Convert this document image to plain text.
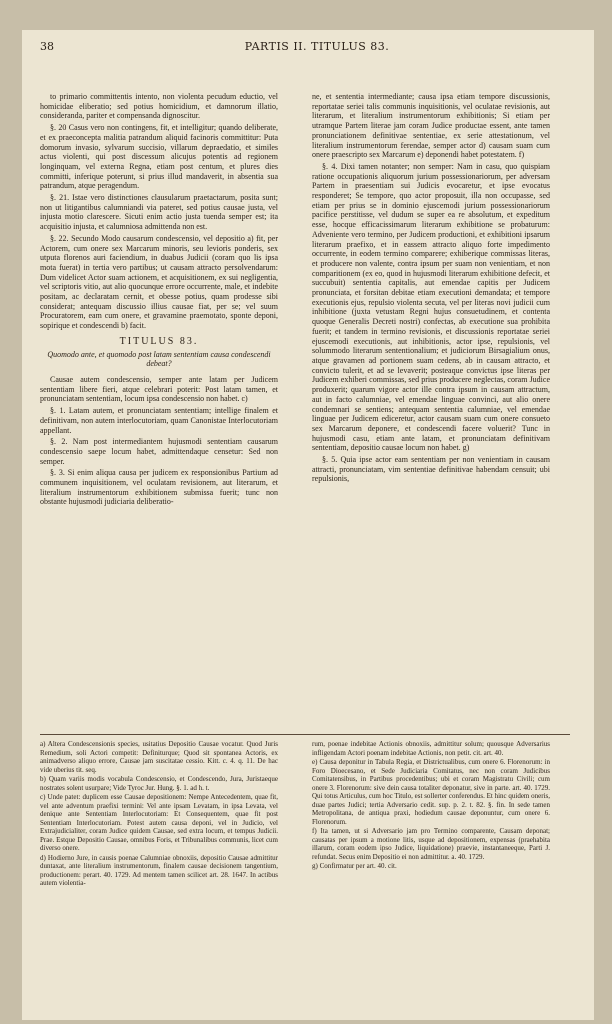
38	PARTIS II. TITULUS 83.

to primario committentis intento, non violenta pecudum eductio, vel homicidae eliberatio; sed potius homicidium, et damnorum illatio, consideranda, pariter et compensanda dignoscitur.

§. 20 Casus vero non contingens, fit, et intelligitur; quando deliberate, et ex praeconcepta malitia patrandum aliquid facinoris committitur: Puta domorum invasio, sylvarum succisio, villarum depraedatio, et similes actus violenti, qui post discessum alicujus potentis ad regionem longinquam, vel externa Regna, etiam post centum, et plures dies committi, inferique poterunt, si prius illud mandaverit, in absentia sua patrandum, atque peragendum.

§. 21. Istae vero distinctiones clausularum praetactarum, posita sunt; non ut litigantibus calumniandi via pateret, sed potius causae justa, vel injusta motio clarescere. Sicuti enim actio justa tuenda semper est; ita acquisitio injusta, et calumniosa admittenda non est.

§. 22. Secundo Modo causarum condescensio, vel depositio a) fit, per Actorem, cum onere sex Marcarum minoris, seu levioris ponderis, sex utputa florenos auri faciendium, in duabus Judicii (coram quo lis ipsa mota fuerat) in tertia vero partibus; ut causam attracto persolvendarum: Dum videlicet Actor suam actionem, et acquisitionem, ex sui negligentia, vel scriptoris vitio, aut alio quocunque errore occurrente, male, et indebite positam, ac declaratam cernit, et obesse potius, quam prodesse sibi considerat; antequam discussio illius causae fiat, per se; vel suum Procuratorem, eam cum onere, et gravamine praemotato, sponte deponi, sopirique et condescendi b) facit.

TITULUS 83.
Quomodo ante, et quomodo post latam sententiam causa condescendi debeat?

Causae autem condescensio, semper ante latam per Judicem sententiam libere fieri, atque celebrari poterit: Post latam tamen, et pronunciatam sententiam, locum ipsa condescensio non habet. c)

§. 1. Latam autem, et pronunciatam sententiam; intellige finalem et definitivam, non autem interlocutoriam, quam Canonistae Interlocutoriam appellant.

§. 2. Nam post intermediantem hujusmodi sententiam causarum condescensio saepe locum habet, admittendaque censetur: Sed non semper.

§. 3. Si enim aliqua causa per judicem ex responsionibus Partium ad communem inquisitionem, vel oculatam revisionem, aut literarum, et literalium instrumentorum exhibitionem submissa fuerit; tunc non obstante hujusmodi judiciaria deliberatio-

ne, et sententia intermediante; causa ipsa etiam tempore discussionis, reportatae seriei talis communis inquisitionis, vel oculatae revisionis, aut literarum, et literalium instrumentorum exhibitionis; Si etiam per utramque Partem literae jam coram Judice productae essent, ante tamen pronunciationem definitivae sententiae, ex serie attestationum, vel literalium instrumentorum ferendae, semper actor d) causam suam cum onere praescripto sex Marcarum e) deponendi habet potestatem. f)

§. 4. Dixi tamen notanter; non semper: Nam in casu, quo quispiam ratione occupationis aliquorum jurium possessionariorum, per adversam Partem in praesentiam sui Judicis evocaretur, et ipse evocatus responderet; Se tempore, quo actor proposuit, illa non occupasse, sed etiam per prius se in dominio ejuscemodi jurium possessionariorum pacifice perstitisse, vel dudum se super ea re absolutum, et expeditum esse, hocque efficacissimarum literarum exhibitione se probaturum: Adveniente vero termino, per Judicem productioni, et exhibitioni ipsarum literarum praefixo, et in eassem attracto aliquo forte impedimento occurrente, in eodem termino comparere; exhiberique commissas literas, et producere non valente, contra ipsum per suam non venientiam, et non comparitionem (ex eo, quod in hujusmodi literarum exhibitione defecit, et succubuit) sententia capitalis, aut emendae capitis per Judicem pronunciata, et forsitan debitae etiam executioni demandata; et tempore executionis ejus, repulsio violenta secuta, vel per literas novi judicii cum inhibitione (juxta vetustam Regni hujus consuetudinem, et contenta quoque Generalis Decreti nostri) confectas, ab executione sua prohibita fuerit; et tandem in termino revisionis, et discussionis reportatae seriei ejuscemodi executionis, aut inhibitionis, actor ipse, repulsionis, vel solummodo literarum sententionalium; et judiciorum Birsagialium onus, atque gravamen ad portionem suam cedens, ab in causam attracto, et convicto tulerit, et ad se levaverit; posteaque convictus ipse literas per Judicem exhiberi commissas, sed prius producere neglectas, coram Judice produxerit; quarum vigore actor ille contra ipsum in causam attractum, aut in facto calumniae, vel emendae linguae convinci, aut alio onere condemnari se sentiens; antequam sententia calumniae, vel emendae linguae per Judicem ediceretur, actor causam suam cum onere consueto sex Marcarum deponere, et condescendi facere voluerit? Tunc in hujusmodi casu, etiam ante latam, et pronunciatam definitivam sententiam, depositio causae locum non habet. g)

§. 5. Quia ipse actor eam sententiam per non venientiam in causam attracti, pronunciatam, vim sententiae definitivae habendam censuit; ubi repulsionis,

a) Altera Condescensionis species, usitatius Depositio Causae vocatur. Quod Juris Remedium, soli Actori competit: Definiturque; Quod sit spontanea Actoris, ex animadverso aliquo errore, Causae jam suscitatae cessio. Kitt. c. 4. q. 11. De hac vide uberius tit. seq.

b) Quam variis modis vocabula Condescensio, et Condescendo, Jura, Juristaeque nostrates solent usurpare; Vide Tyroc Jur. Hung. §. 1. ad h. t.

c) Unde patet: duplicem esse Causae depositionem: Nempe Antecedentem, quae fit, vel ante adventum praefixi termini: Vel ante ipsam Levatam, in ipsa Levata, vel denique ante Sententiam Interlocutoriam: Et Consequentem, quae fit post Sententiam Interlocutoriam. Potest autem causa deponi, vel in Judicio, vel Extrajudicialiter, coram Judice quidem Causae, sed extra locum, et tempus Judicii. Prae. Estque Depositio Causae, omnibus Foris, et Tribunalibus communis, licet cum diverso onere.

d) Hodierno Jure, in causis poenae Calumniae obnoxiis, depositio Causae admittitur duntaxat, ante literalium instrumentorum, finalem causae decisionem tangentium, productionem: perart. 40. 1729. Ad mentem tamen scilicet art. 28. 1647. In actibus autem violentia-

rum, poenae indebitae Actionis obnoxiis, admittitur solum; quousque Adversarius infligendam Actori poenam indebitae Actionis, non petit. cit. art. 40.

e) Causa deponitur in Tabula Regia, et Districtualibus, cum onere 6. Florenorum: in Foro Dioecesano, et Sede Judiciaria Comitatus, nec non coram Judicibus Comitatensibus, in Partibus procedentibus; ubi et coram Magistratu Civili; cum onere 3. Florenorum: sive dein causa totaliter deponatur, sive in parte. art. 40. 1729. Qui totus Articulus, cum hoc Titulo, est sollerter conferendus. Et hinc quidem oneris, duae partes Judici; tertia Adversario cedit. sup. p. 2. t. 82. §. fin. In sede tamen Metropolitana, de antiqua praxi, hodiedum causae deponuntur, cum onere 6. Florenorum.

f) Ita tamen, ut si Adversario jam pro Termino comparente, Causam deponat; causatas per ipsum a motione litis, usque ad depositionem, expensas (praehabita illarum, coram eodem ipso Judice, liquidatione) praevie, instantaneeque, Parti J. refundat. Secus enim Depositio ei non admittitur. a. 40. 1729.

g) Confirmatur per art. 40. cit.
